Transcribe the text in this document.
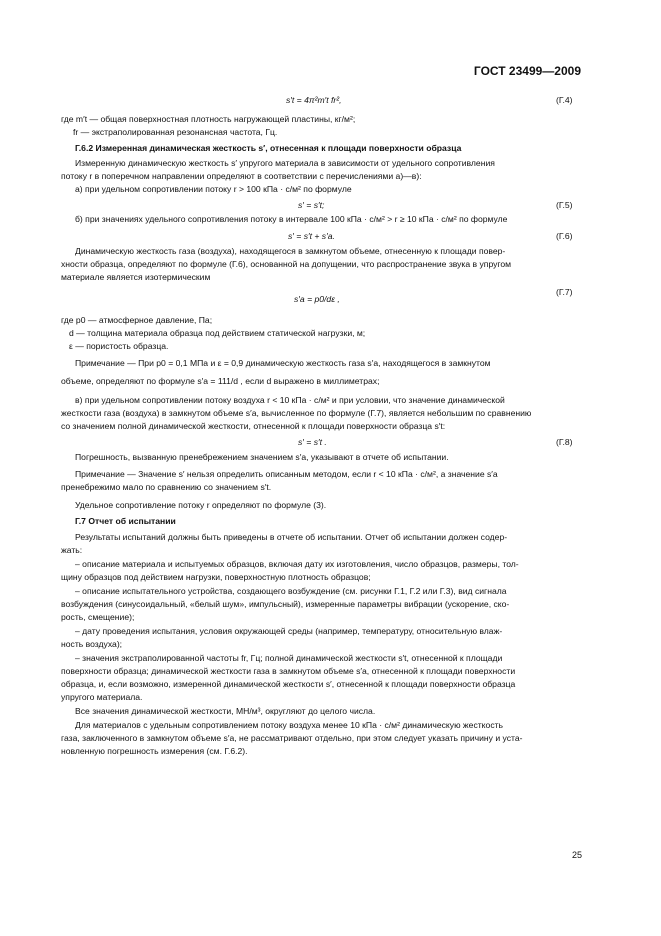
ГОСТ 23499—2009
s′t = 4π²m′t fr²,	(Г.4)
где m′t — общая поверхностная плотность нагружающей пластины, кг/м²;
fr — экстраполированная резонансная частота, Гц.
Г.6.2 Измеренная динамическая жесткость s′, отнесенная к площади поверхности образца
Измеренную динамическую жесткость s′ упругого материала в зависимости от удельного сопротивления
потоку r в поперечном направлении определяют в соответствии с перечислениями а)—в):
а) при удельном сопротивлении потоку r > 100 кПа · с/м² по формуле
s′ = s′t;	(Г.5)
б) при значениях удельного сопротивления потоку в интервале 100 кПа · с/м² > r ≥ 10 кПа · с/м² по формуле
s′ = s′t + s′a.	(Г.6)
Динамическую жесткость газа (воздуха), находящегося в замкнутом объеме, отнесенную к площади повер-
хности образца, определяют по формуле (Г.6), основанной на допущении, что распространение звука в упругом
материале является изотермическим
s′a = p0/dε ,
(Г.7)
где p0 — атмосферное давление, Па;
d — толщина материала образца под действием статической нагрузки, м;
ε — пористость образца.
Примечание — При p0 = 0,1 МПа и ε = 0,9 динамическую жесткость газа s′a, находящегося в замкнутом
объеме, определяют по формуле s′a = 111/d , если d выражено в миллиметрах;
в) при удельном сопротивлении потоку воздуха r < 10 кПа · с/м² и при условии, что значение динамической
жесткости газа (воздуха) в замкнутом объеме s′a, вычисленное по формуле (Г.7), является небольшим по сравнению
со значением полной динамической жесткости, отнесенной к площади поверхности образца s′t:
s′ = s′t .	(Г.8)
Погрешность, вызванную пренебрежением значением s′a, указывают в отчете об испытании.
Примечание — Значение s′ нельзя определить описанным методом, если r < 10 кПа · с/м², а значение s′a
пренебрежимо мало по сравнению со значением s′t.
Удельное сопротивление потоку r определяют по формуле (3).
Г.7 Отчет об испытании
Результаты испытаний должны быть приведены в отчете об испытании. Отчет об испытании должен содер-
жать:
– описание материала и испытуемых образцов, включая дату их изготовления, число образцов, размеры, тол-
щину образцов под действием нагрузки, поверхностную плотность образцов;
– описание испытательного устройства, создающего возбуждение (см. рисунки Г.1, Г.2 или Г.3), вид сигнала
возбуждения (синусоидальный, «белый шум», импульсный), измеренные параметры вибрации (ускорение, ско-
рость, смещение);
– дату проведения испытания, условия окружающей среды (например, температуру, относительную влаж-
ность воздуха);
– значения экстраполированной частоты fr, Гц; полной динамической жесткости s′t, отнесенной к площади
поверхности образца; динамической жесткости газа в замкнутом объеме s′a, отнесенной к площади поверхности
образца, и, если возможно, измеренной динамической жесткости s′, отнесенной к площади поверхности образца
упругого материала.
Все значения динамической жесткости, МН/м³, округляют до целого числа.
Для материалов с удельным сопротивлением потоку воздуха менее 10 кПа · с/м² динамическую жесткость
газа, заключенного в замкнутом объеме s′a, не рассматривают отдельно, при этом следует указать причину и уста-
новленную погрешность измерения (см. Г.6.2).
25
